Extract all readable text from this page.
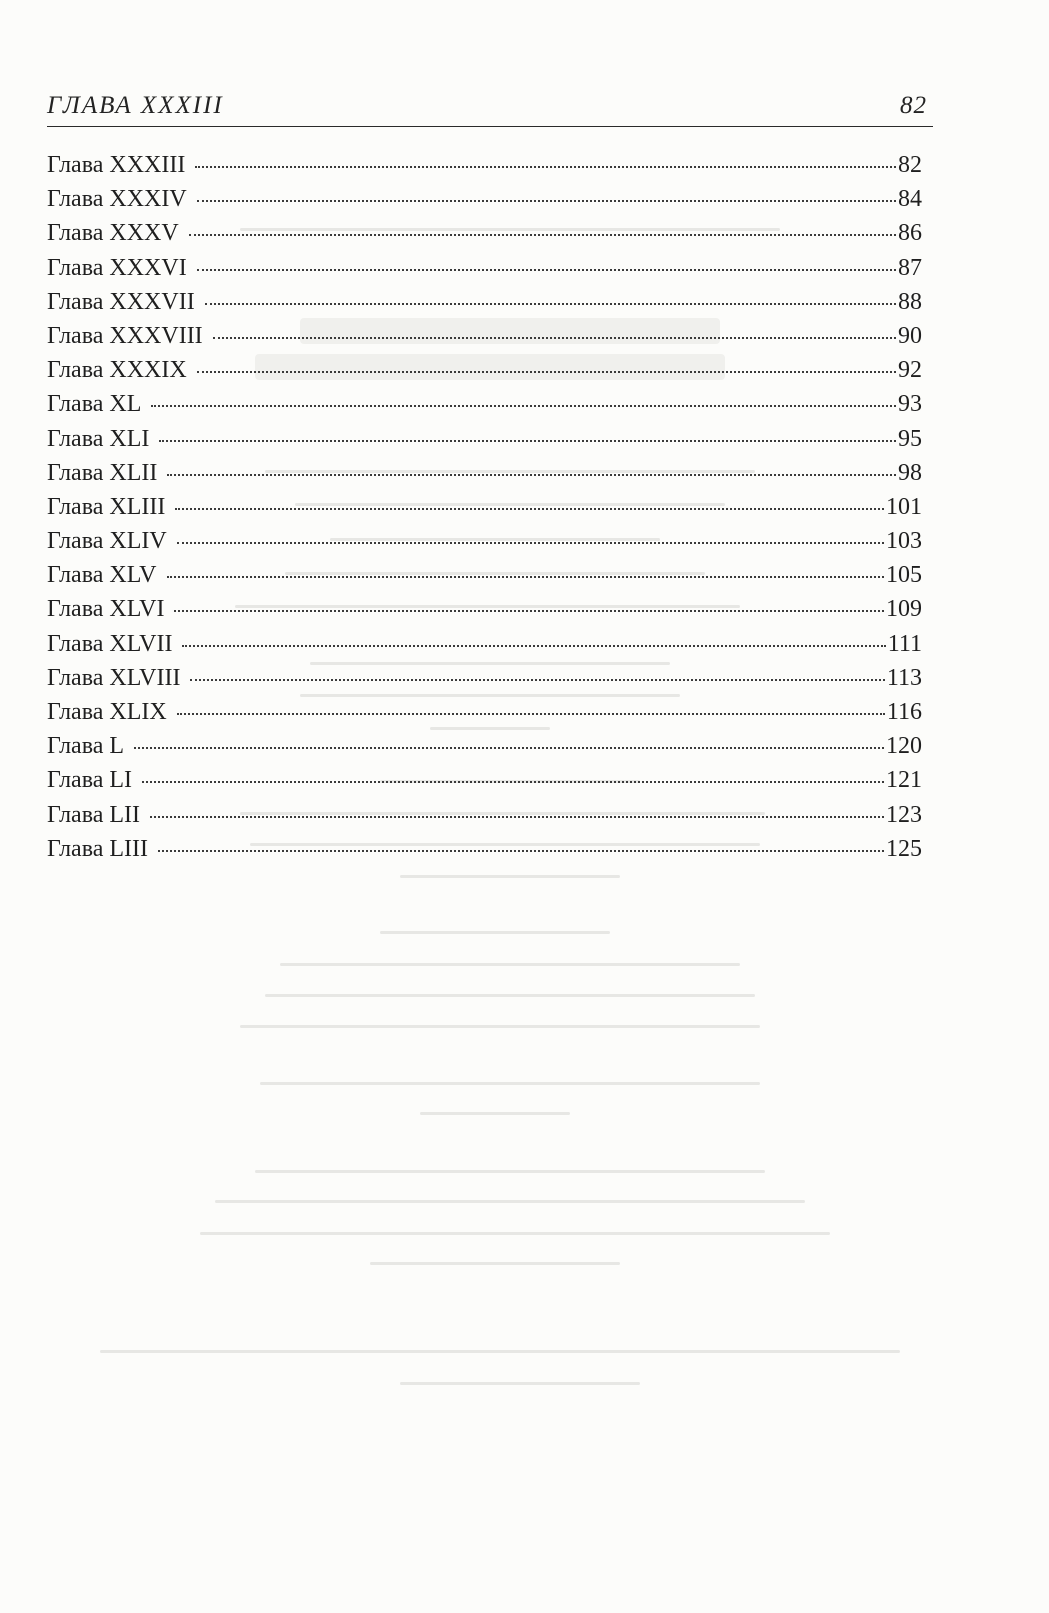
ГЛАВА XXXIII	82
Глава XXXIII	82
Глава XXXIV	84
Глава XXXV	86
Глава XXXVI	87
Глава XXXVII	88
Глава XXXVIII	90
Глава XXXIX	92
Глава XL	93
Глава XLI	95
Глава XLII	98
Глава XLIII	101
Глава XLIV	103
Глава XLV	105
Глава XLVI	109
Глава XLVII	111
Глава XLVIII	113
Глава XLIX	116
Глава L	120
Глава LI	121
Глава LII	123
Глава LIII	125
